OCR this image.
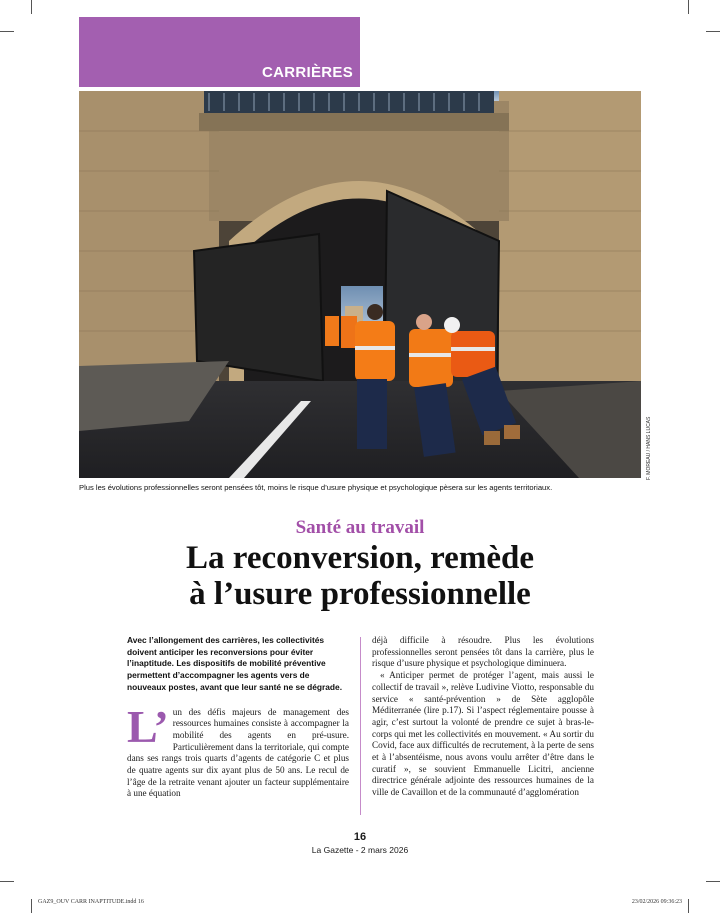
CARRIÈRES
F. MOREAU / HANS LUCAS
Plus les évolutions professionnelles seront pensées tôt, moins le risque d’usure physique et psychologique pèsera sur les agents territoriaux.
Santé au travail
La reconversion, remède
à l’usure professionnelle

Avec l’allongement des carrières, les collectivités doivent anticiper les reconversions pour éviter l’inaptitude. Les dispositifs de mobilité préventive permettent d’accompagner les agents vers de nouveaux postes, avant que leur santé ne se dégrade.

L’ un des défis majeurs de management des ressources humaines consiste à accompagner la mobilité des agents en pré-usure. Particulièrement dans la territoriale, qui compte dans ses rangs trois quarts d’agents de catégorie C et plus de quatre agents sur dix ayant plus de 50 ans. Le recul de l’âge de la retraite venant ajouter un facteur supplémentaire à une équation

déjà difficile à résoudre. Plus les évolutions professionnelles seront pensées tôt dans la carrière, plus le risque d’usure physique et psychologique diminuera.

« Anticiper permet de protéger l’agent, mais aussi le collectif de travail », relève Ludivine Viotto, responsable du service « santé-prévention » de Sète agglopôle Méditerranée (lire p.17). Si l’aspect réglementaire pousse à agir, c’est surtout la volonté de prendre ce sujet à bras-le-corps qui met les collectivités en mouvement. « Au sortir du Covid, face aux difficultés de recrutement, à la perte de sens et à l’absentéisme, nous avons voulu arrêter d’être dans le curatif », se souvient Emmanuelle Licitri, ancienne directrice générale adjointe des ressources humaines de la ville de Cavaillon et de la communauté d’agglomération

16
La Gazette - 2 mars 2026
GAZ9_OUV CARR INAPTITUDE.indd 16	23/02/2026 09:36:23
